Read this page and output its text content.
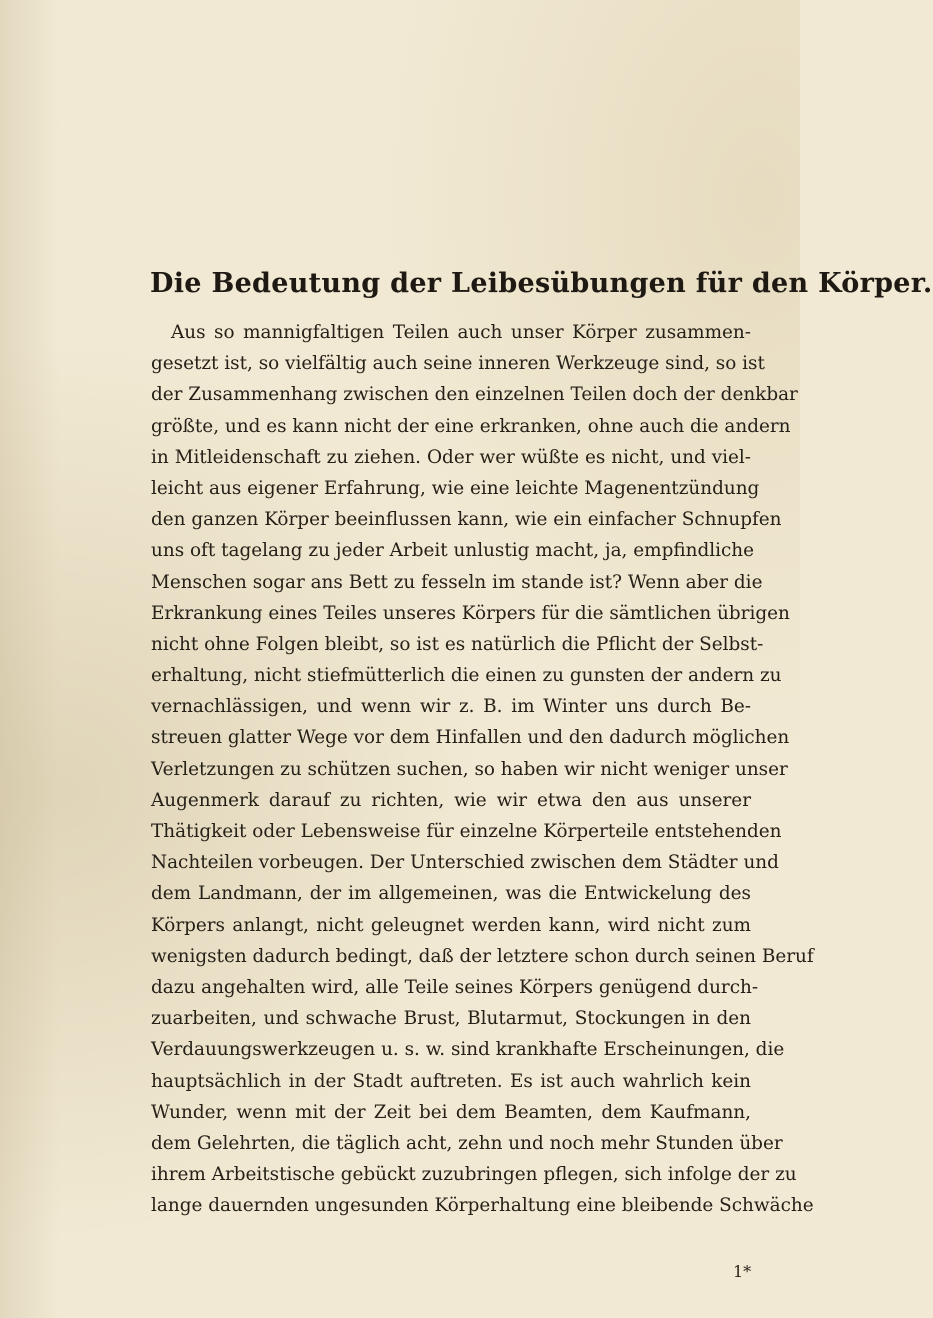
Die Bedeutung der Leibesübungen für den Körper.
Aus so mannigfaltigen Teilen auch unser Körper zusammen-
gesetzt ist, so vielfältig auch seine inneren Werkzeuge sind, so ist
der Zusammenhang zwischen den einzelnen Teilen doch der denkbar
größte, und es kann nicht der eine erkranken, ohne auch die andern
in Mitleidenschaft zu ziehen. Oder wer wüßte es nicht, und viel-
leicht aus eigener Erfahrung, wie eine leichte Magenentzündung
den ganzen Körper beeinflussen kann, wie ein einfacher Schnupfen
uns oft tagelang zu jeder Arbeit unlustig macht, ja, empfindliche
Menschen sogar ans Bett zu fesseln im stande ist? Wenn aber die
Erkrankung eines Teiles unseres Körpers für die sämtlichen übrigen
nicht ohne Folgen bleibt, so ist es natürlich die Pflicht der Selbst-
erhaltung, nicht stiefmütterlich die einen zu gunsten der andern zu
vernachlässigen, und wenn wir z. B. im Winter uns durch Be-
streuen glatter Wege vor dem Hinfallen und den dadurch möglichen
Verletzungen zu schützen suchen, so haben wir nicht weniger unser
Augenmerk darauf zu richten, wie wir etwa den aus unserer
Thätigkeit oder Lebensweise für einzelne Körperteile entstehenden
Nachteilen vorbeugen. Der Unterschied zwischen dem Städter und
dem Landmann, der im allgemeinen, was die Entwickelung des
Körpers anlangt, nicht geleugnet werden kann, wird nicht zum
wenigsten dadurch bedingt, daß der letztere schon durch seinen Beruf
dazu angehalten wird, alle Teile seines Körpers genügend durch-
zuarbeiten, und schwache Brust, Blutarmut, Stockungen in den
Verdauungswerkzeugen u. s. w. sind krankhafte Erscheinungen, die
hauptsächlich in der Stadt auftreten. Es ist auch wahrlich kein
Wunder, wenn mit der Zeit bei dem Beamten, dem Kaufmann,
dem Gelehrten, die täglich acht, zehn und noch mehr Stunden über
ihrem Arbeitstische gebückt zuzubringen pflegen, sich infolge der zu
lange dauernden ungesunden Körperhaltung eine bleibende Schwäche
1*
